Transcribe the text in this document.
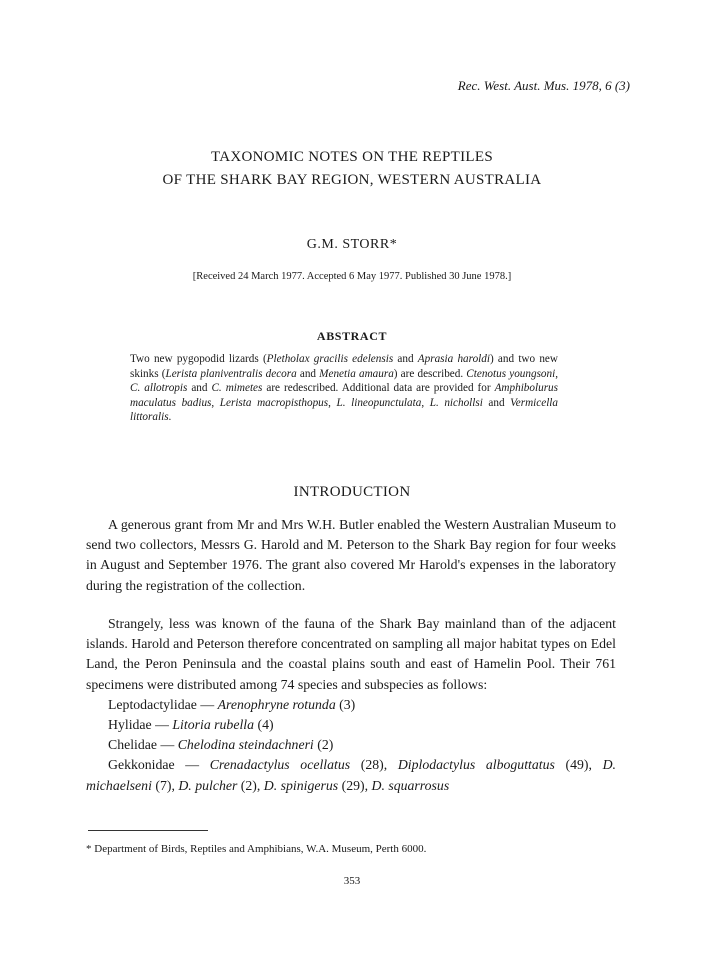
Rec. West. Aust. Mus. 1978, 6 (3)
TAXONOMIC NOTES ON THE REPTILES
OF THE SHARK BAY REGION, WESTERN AUSTRALIA
G.M. STORR*
[Received 24 March 1977. Accepted 6 May 1977. Published 30 June 1978.]
ABSTRACT
Two new pygopodid lizards (Pletholax gracilis edelensis and Aprasia haroldi) and two new skinks (Lerista planiventralis decora and Menetia amaura) are described. Ctenotus youngsoni, C. allotropis and C. mimetes are redescribed. Additional data are provided for Amphibolurus maculatus badius, Lerista macropisthopus, L. lineopunctulata, L. nichollsi and Vermicella littoralis.
INTRODUCTION
A generous grant from Mr and Mrs W.H. Butler enabled the Western Australian Museum to send two collectors, Messrs G. Harold and M. Peterson to the Shark Bay region for four weeks in August and September 1976. The grant also covered Mr Harold's expenses in the laboratory during the registration of the collection.
Strangely, less was known of the fauna of the Shark Bay mainland than of the adjacent islands. Harold and Peterson therefore concentrated on sampling all major habitat types on Edel Land, the Peron Peninsula and the coastal plains south and east of Hamelin Pool. Their 761 specimens were distributed among 74 species and subspecies as follows:
Leptodactylidae — Arenophryne rotunda (3)
Hylidae — Litoria rubella (4)
Chelidae — Chelodina steindachneri (2)
Gekkonidae — Crenadactylus ocellatus (28), Diplodactylus alboguttatus (49), D. michaelseni (7), D. pulcher (2), D. spinigerus (29), D. squarrosus
* Department of Birds, Reptiles and Amphibians, W.A. Museum, Perth 6000.
353
